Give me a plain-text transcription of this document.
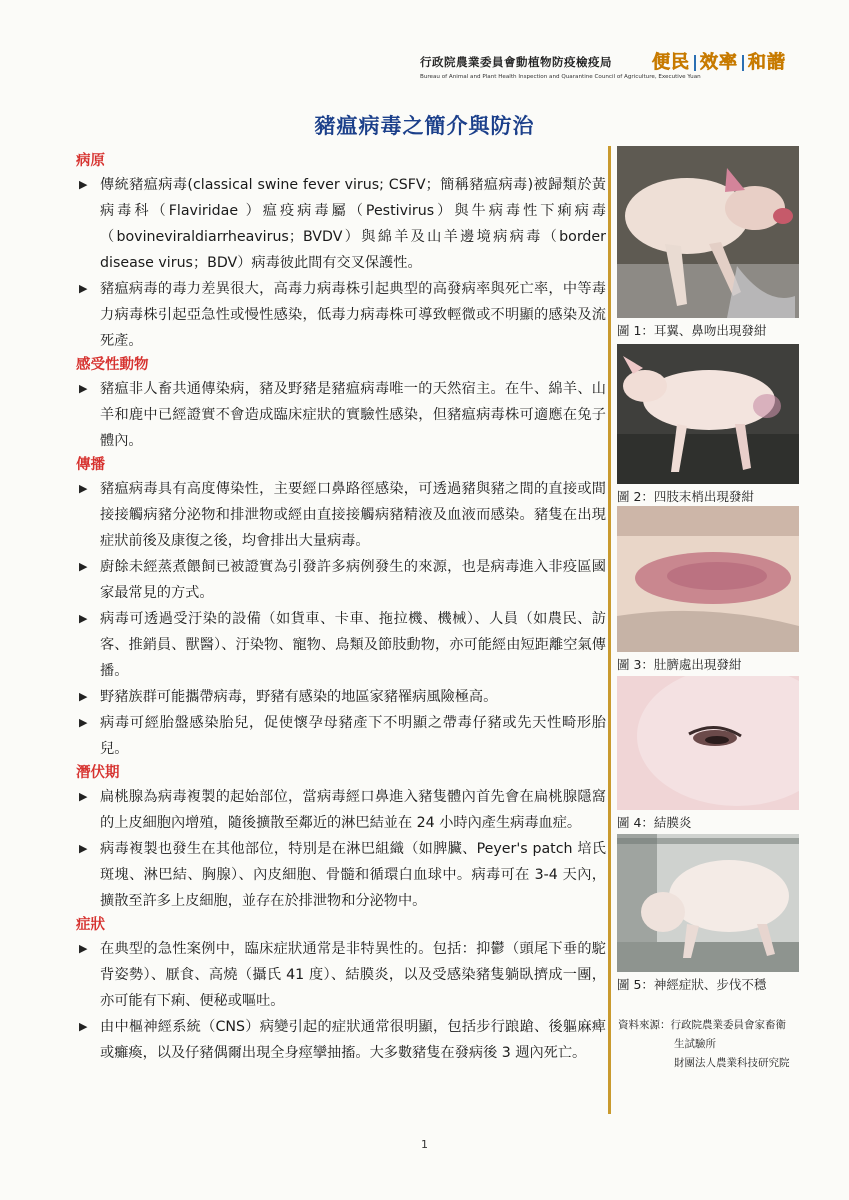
行政院農業委員會動植物防疫檢疫局
Bureau of Animal and Plant Health Inspection and Quarantine Council of Agriculture, Executive Yuan
便民 效率 和諧
豬瘟病毒之簡介與防治

病原

▶ 傳統豬瘟病毒(classical swine fever virus; CSFV；簡稱豬瘟病毒)被歸類於黃病毒科（Flaviridae ）瘟疫病毒屬（Pestivirus）與牛病毒性下痢病毒（bovineviraldiarrheavirus；BVDV）與綿羊及山羊邊境病病毒（border disease virus；BDV）病毒彼此間有交叉保護性。
▶ 豬瘟病毒的毒力差異很大，高毒力病毒株引起典型的高發病率與死亡率，中等毒力病毒株引起亞急性或慢性感染，低毒力病毒株可導致輕微或不明顯的感染及流死產。

感受性動物

▶ 豬瘟非人畜共通傳染病，豬及野豬是豬瘟病毒唯一的天然宿主。在牛、綿羊、山羊和鹿中已經證實不會造成臨床症狀的實驗性感染，但豬瘟病毒株可適應在兔子體內。

傳播

▶ 豬瘟病毒具有高度傳染性，主要經口鼻路徑感染，可透過豬與豬之間的直接或間接接觸病豬分泌物和排泄物或經由直接接觸病豬精液及血液而感染。豬隻在出現症狀前後及康復之後，均會排出大量病毒。
▶ 廚餘未經蒸煮餵飼已被證實為引發許多病例發生的來源，也是病毒進入非疫區國家最常見的方式。
▶ 病毒可透過受汙染的設備（如貨車、卡車、拖拉機、機械）、人員（如農民、訪客、推銷員、獸醫）、汙染物、寵物、鳥類及節肢動物，亦可能經由短距離空氣傳播。
▶ 野豬族群可能攜帶病毒，野豬有感染的地區家豬罹病風險極高。
▶ 病毒可經胎盤感染胎兒，促使懷孕母豬產下不明顯之帶毒仔豬或先天性畸形胎兒。

潛伏期

▶ 扁桃腺為病毒複製的起始部位，當病毒經口鼻進入豬隻體內首先會在扁桃腺隱窩的上皮細胞內增殖，隨後擴散至鄰近的淋巴結並在 24 小時內產生病毒血症。
▶ 病毒複製也發生在其他部位，特別是在淋巴組織（如脾臟、Peyer's patch 培氏斑塊、淋巴結、胸腺）、內皮細胞、骨髓和循環白血球中。病毒可在 3-4 天內，擴散至許多上皮細胞，並存在於排泄物和分泌物中。

症狀

▶ 在典型的急性案例中，臨床症狀通常是非特異性的。包括：抑鬱（頭尾下垂的駝背姿勢）、厭食、高燒（攝氏 41 度）、結膜炎，以及受感染豬隻躺臥擠成一團，亦可能有下痢、便秘或嘔吐。
▶ 由中樞神經系統（CNS）病變引起的症狀通常很明顯，包括步行踉蹌、後軀麻痺或癱瘓，以及仔豬偶爾出現全身痙攣抽搐。大多數豬隻在發病後 3 週內死亡。
圖 1：耳翼、鼻吻出現發紺
圖 2：四肢末梢出現發紺
圖 3：肚臍處出現發紺
圖 4：結膜炎
圖 5：神經症狀、步伐不穩
資料來源：行政院農業委員會家畜衛
生試驗所
財團法人農業科技研究院
1
